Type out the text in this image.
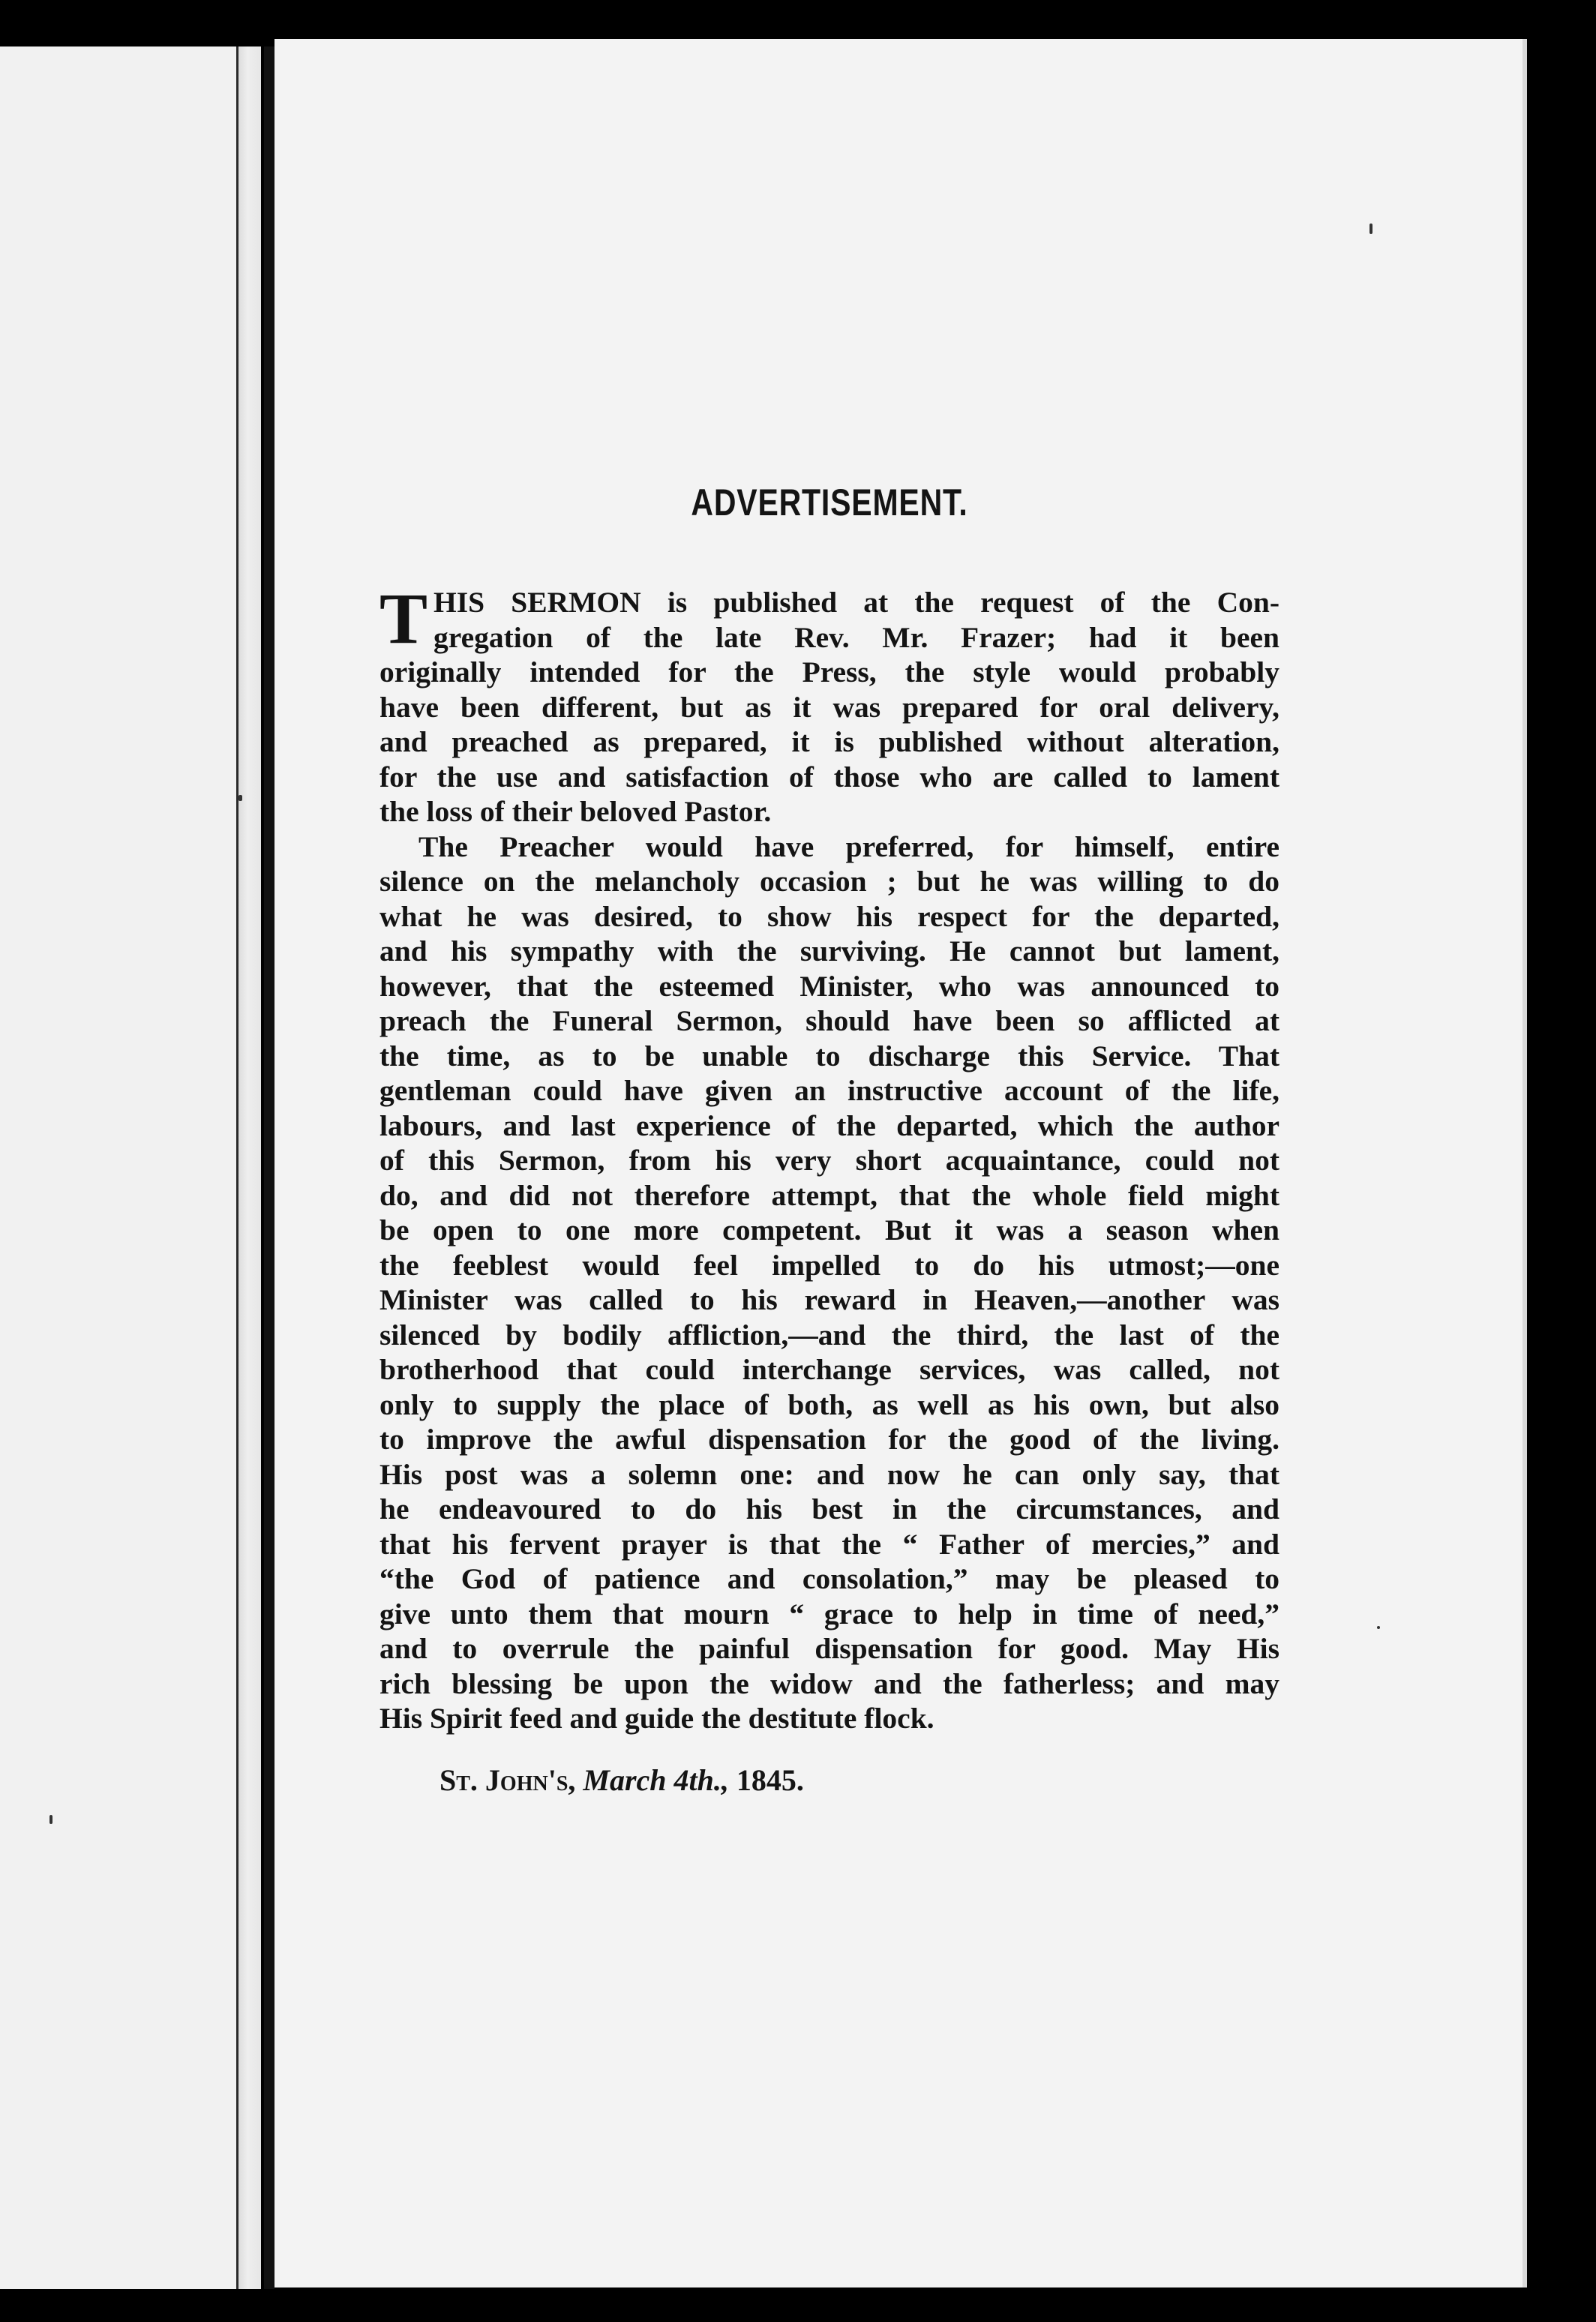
ADVERTISEMENT.

T HIS SERMON is published at the request of the Con-
gregation of the late Rev. Mr. Frazer; had it been
originally intended for the Press, the style would probably
have been different, but as it was prepared for oral delivery,
and preached as prepared, it is published without alteration,
for the use and satisfaction of those who are called to lament
the loss of their beloved Pastor.

The Preacher would have preferred, for himself, entire
silence on the melancholy occasion ; but he was willing to do
what he was desired, to show his respect for the departed,
and his sympathy with the surviving. He cannot but lament,
however, that the esteemed Minister, who was announced to
preach the Funeral Sermon, should have been so afflicted at
the time, as to be unable to discharge this Service. That
gentleman could have given an instructive account of the life,
labours, and last experience of the departed, which the author
of this Sermon, from his very short acquaintance, could not
do, and did not therefore attempt, that the whole field might
be open to one more competent. But it was a season when
the feeblest would feel impelled to do his utmost;—one
Minister was called to his reward in Heaven,—another was
silenced by bodily affliction,—and the third, the last of the
brotherhood that could interchange services, was called, not
only to supply the place of both, as well as his own, but also
to improve the awful dispensation for the good of the living.
His post was a solemn one: and now he can only say, that
he endeavoured to do his best in the circumstances, and
that his fervent prayer is that the “ Father of mercies,” and
“the God of patience and consolation,” may be pleased to
give unto them that mourn “ grace to help in time of need,”
and to overrule the painful dispensation for good. May His
rich blessing be upon the widow and the fatherless; and may
His Spirit feed and guide the destitute flock.

St. John's, March 4th., 1845.
